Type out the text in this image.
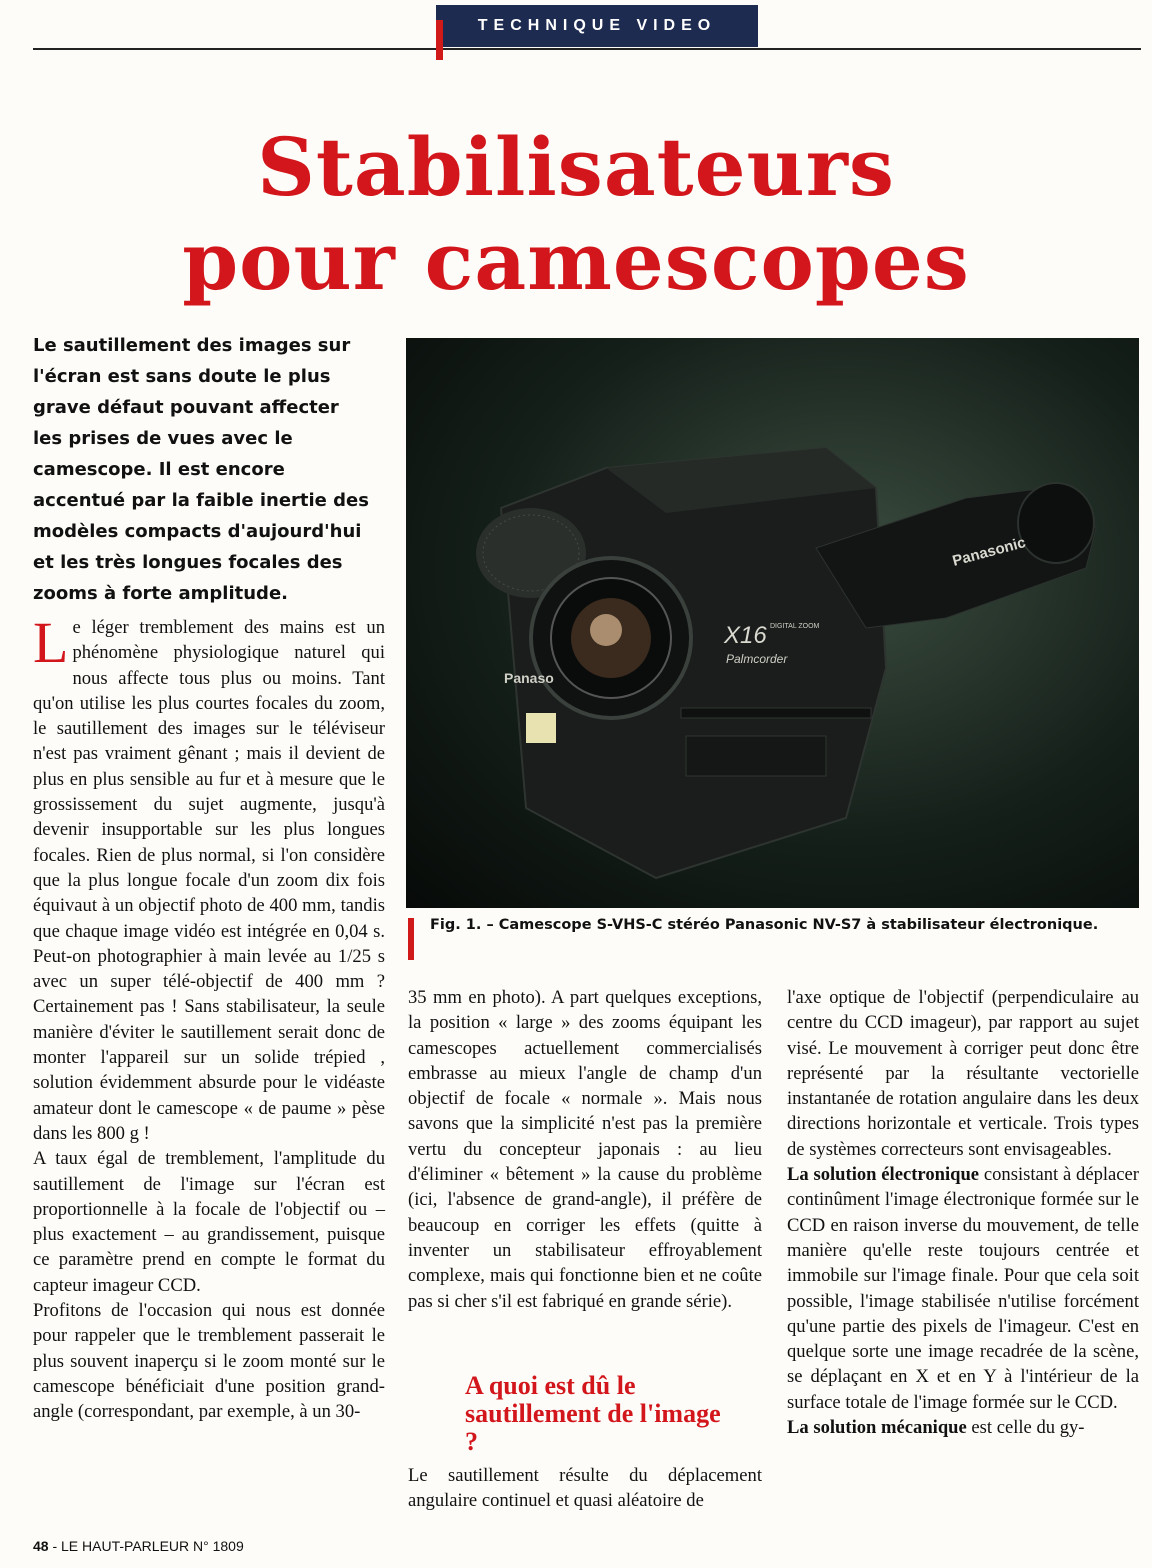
TECHNIQUE VIDEO
Stabilisateurs
pour camescopes
Le sautillement des images sur l'écran est sans doute le plus grave défaut pouvant affecter les prises de vues avec le camescope. Il est encore accentué par la faible inertie des modèles compacts d'aujourd'hui et les très longues focales des zooms à forte amplitude.
Panasonic
Panaso
X16 DIGITAL ZOOM
Palmcorder
Fig. 1. – Camescope S-VHS-C stéréo Panasonic NV-S7 à stabilisateur électronique.

Le léger tremblement des mains est un phénomène physiologique naturel qui nous affecte tous plus ou moins. Tant qu'on utilise les plus courtes focales du zoom, le sautillement des images sur le téléviseur n'est pas vraiment gênant ; mais il devient de plus en plus sensible au fur et à mesure que le grossissement du sujet augmente, jusqu'à devenir insupportable sur les plus longues focales. Rien de plus normal, si l'on considère que la plus longue focale d'un zoom dix fois équivaut à un objectif photo de 400 mm, tandis que chaque image vidéo est intégrée en 0,04 s. Peut-on photographier à main levée au 1/25 s avec un super télé-objectif de 400 mm ? Certainement pas ! Sans stabilisateur, la seule manière d'éviter le sautillement serait donc de monter l'appareil sur un solide trépied , solution évidemment absurde pour le vidéaste amateur dont le camescope « de paume » pèse dans les 800 g !

A taux égal de tremblement, l'amplitude du sautillement de l'image sur l'écran est proportionnelle à la focale de l'objectif ou – plus exactement – au grandissement, puisque ce paramètre prend en compte le format du capteur imageur CCD.

Profitons de l'occasion qui nous est donnée pour rappeler que le tremblement passerait le plus souvent inaperçu si le zoom monté sur le camescope bénéficiait d'une position grand-angle (correspondant, par exemple, à un 30-

35 mm en photo). A part quelques exceptions, la position « large » des zooms équipant les camescopes actuellement commercialisés embrasse au mieux l'angle de champ d'un objectif de focale « normale ». Mais nous savons que la simplicité n'est pas la première vertu du concepteur japonais : au lieu d'éliminer « bêtement » la cause du problème (ici, l'absence de grand-angle), il préfère de beaucoup en corriger les effets (quitte à inventer un stabilisateur effroyablement complexe, mais qui fonctionne bien et ne coûte pas si cher s'il est fabriqué en grande série).

A quoi est dû le sautillement de l'image ?

Le sautillement résulte du déplacement angulaire continuel et quasi aléatoire de

l'axe optique de l'objectif (perpendiculaire au centre du CCD imageur), par rapport au sujet visé. Le mouvement à corriger peut donc être représenté par la résultante vectorielle instantanée de rotation angulaire dans les deux directions horizontale et verticale. Trois types de systèmes correcteurs sont envisageables.

La solution électronique consistant à déplacer continûment l'image électronique formée sur le CCD en raison inverse du mouvement, de telle manière qu'elle reste toujours centrée et immobile sur l'image finale. Pour que cela soit possible, l'image stabilisée n'utilise forcément qu'une partie des pixels de l'imageur. C'est en quelque sorte une image recadrée de la scène, se déplaçant en X et en Y à l'intérieur de la surface totale de l'image formée sur le CCD.

La solution mécanique est celle du gy-

48 - LE HAUT-PARLEUR N° 1809
